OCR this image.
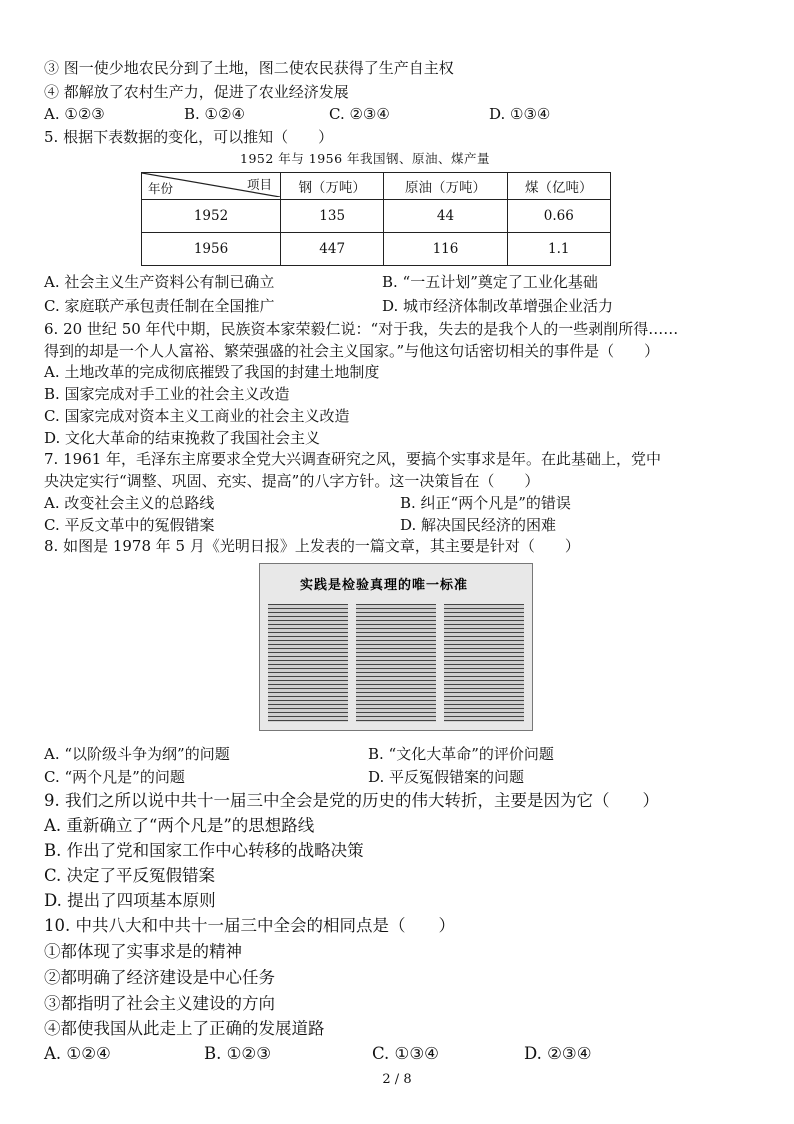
③ 图一使少地农民分到了土地，图二使农民获得了生产自主权
④ 都解放了农村生产力，促进了农业经济发展
A. ①②③	B. ①②④	C. ②③④	D. ①③④
5. 根据下表数据的变化，可以推知（　　）
1952 年与 1956 年我国钢、原油、煤产量
年份 项目	钢（万吨）	原油（万吨）	煤（亿吨）
1952	135	44	0.66
1956	447	116	1.1
A. 社会主义生产资料公有制已确立	B. “一五计划”奠定了工业化基础
C. 家庭联产承包责任制在全国推广	D. 城市经济体制改革增强企业活力
6. 20 世纪 50 年代中期，民族资本家荣毅仁说：“对于我，失去的是我个人的一些剥削所得……
得到的却是一个人人富裕、繁荣强盛的社会主义国家。”与他这句话密切相关的事件是（　　）
A. 土地改革的完成彻底摧毁了我国的封建土地制度
B. 国家完成对手工业的社会主义改造
C. 国家完成对资本主义工商业的社会主义改造
D. 文化大革命的结束挽救了我国社会主义
7. 1961 年，毛泽东主席要求全党大兴调查研究之风，要搞个实事求是年。在此基础上，党中
央决定实行“调整、巩固、充实、提高”的八字方针。这一决策旨在（　　）
A. 改变社会主义的总路线	B. 纠正“两个凡是”的错误
C. 平反文革中的冤假错案	D. 解决国民经济的困难
8. 如图是 1978 年 5 月《光明日报》上发表的一篇文章，其主要是针对（　　）
实践是检验真理的唯一标准
A. “以阶级斗争为纲”的问题	B. “文化大革命”的评价问题
C. “两个凡是”的问题	D. 平反冤假错案的问题
9. 我们之所以说中共十一届三中全会是党的历史的伟大转折，主要是因为它（　　）
A. 重新确立了“两个凡是”的思想路线
B. 作出了党和国家工作中心转移的战略决策
C. 决定了平反冤假错案
D. 提出了四项基本原则
10. 中共八大和中共十一届三中全会的相同点是（　　）
①都体现了实事求是的精神
②都明确了经济建设是中心任务
③都指明了社会主义建设的方向
④都使我国从此走上了正确的发展道路
A. ①②④	B. ①②③	C. ①③④	D. ②③④
2 / 8
